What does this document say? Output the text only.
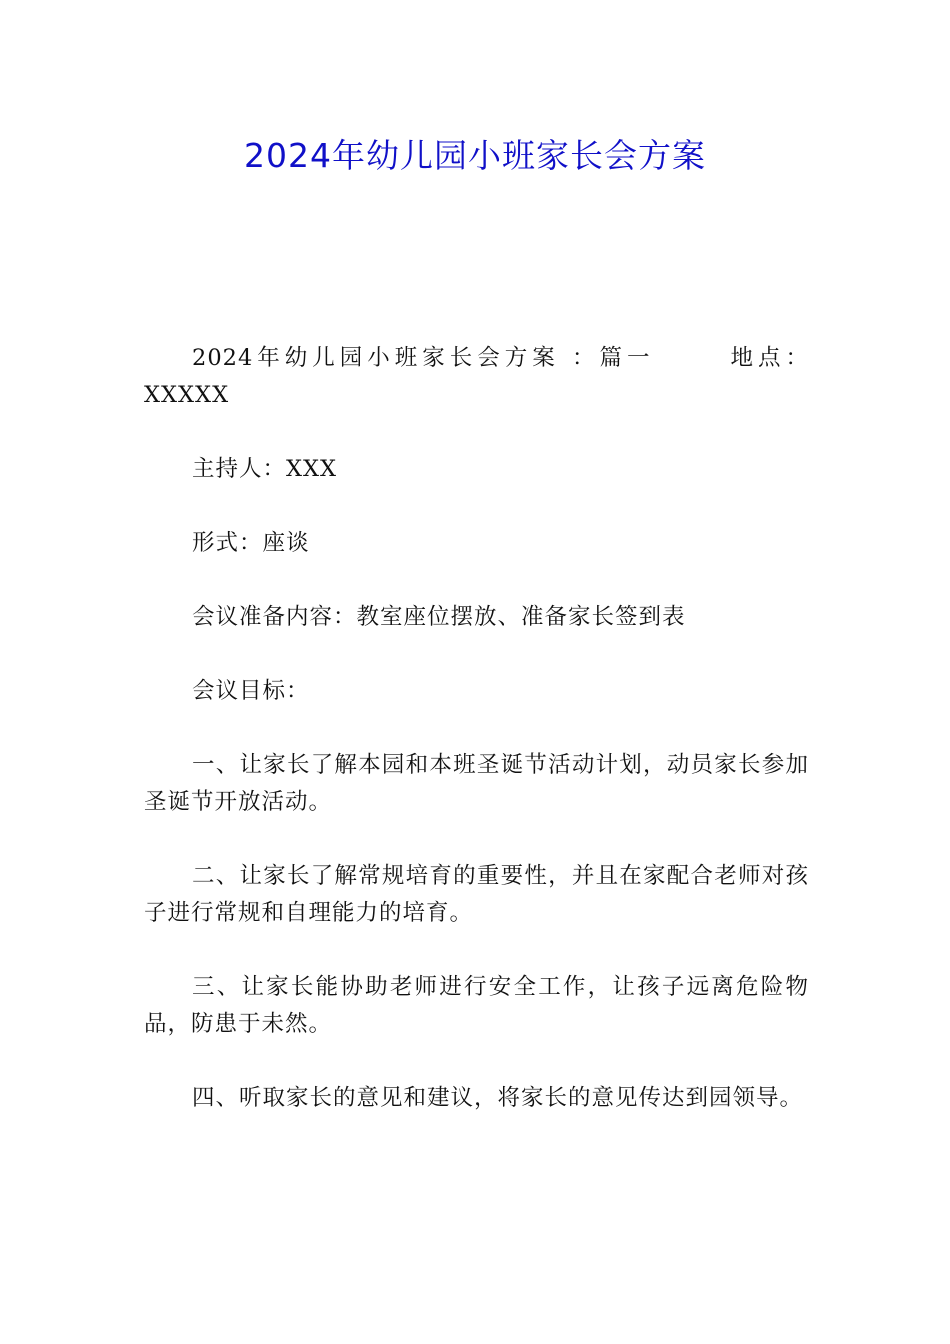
2024年幼儿园小班家长会方案

2024年幼儿园小班家长会方案 ：篇一	地点：XXXXX

主持人：XXX

形式：座谈

会议准备内容：教室座位摆放、准备家长签到表

会议目标：

一、让家长了解本园和本班圣诞节活动计划，动员家长参加圣诞节开放活动。

二、让家长了解常规培育的重要性，并且在家配合老师对孩子进行常规和自理能力的培育。

三、让家长能协助老师进行安全工作，让孩子远离危险物品，防患于未然。

四、听取家长的意见和建议，将家长的意见传达到园领导。
